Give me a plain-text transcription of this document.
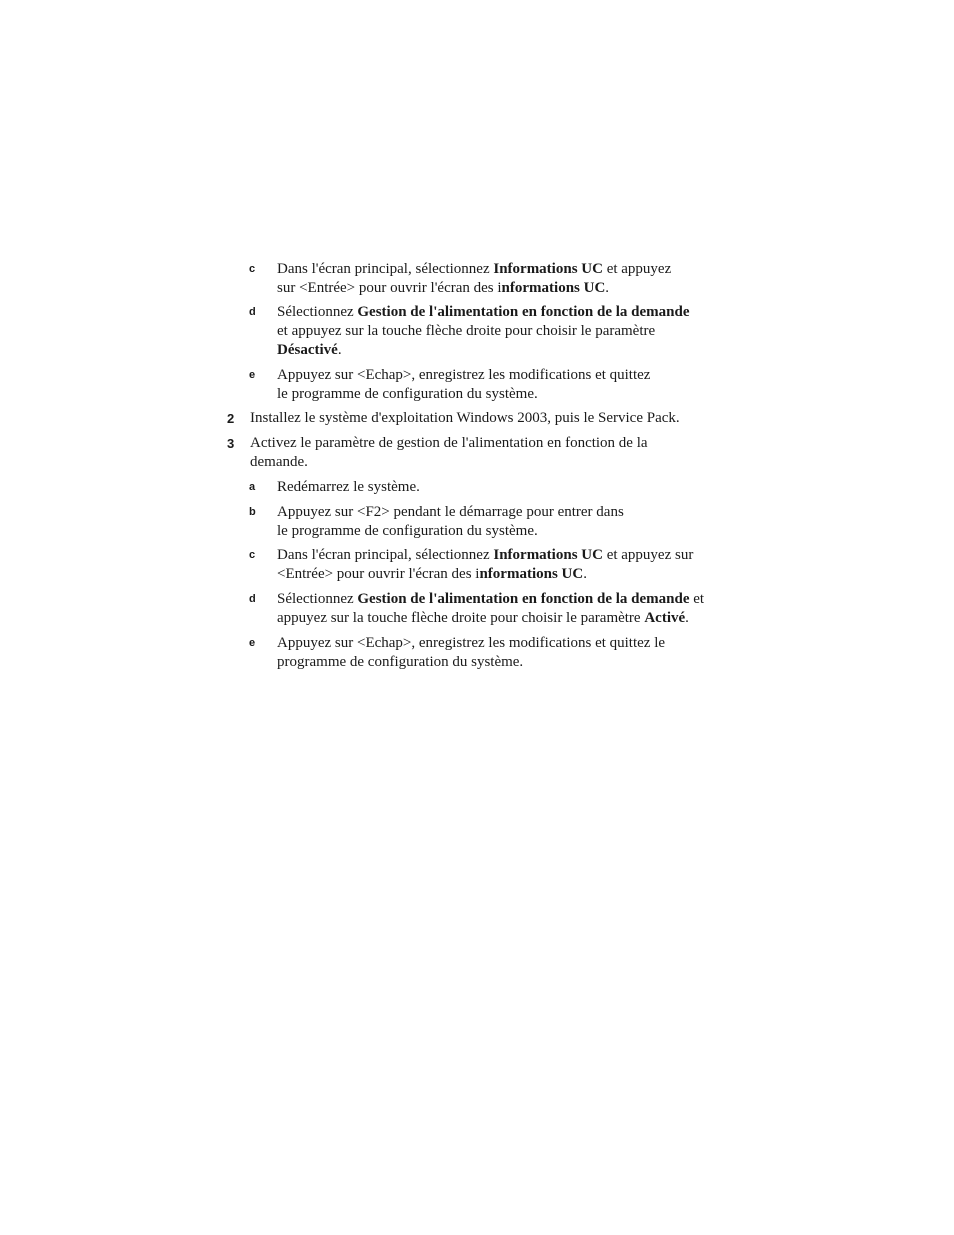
c Dans l'écran principal, sélectionnez Informations UC et appuyez
sur <Entrée> pour ouvrir l'écran des informations UC.
d Sélectionnez Gestion de l'alimentation en fonction de la demande
et appuyez sur la touche flèche droite pour choisir le paramètre
Désactivé.
e Appuyez sur <Echap>, enregistrez les modifications et quittez
le programme de configuration du système.
2 Installez le système d'exploitation Windows 2003, puis le Service Pack.
3 Activez le paramètre de gestion de l'alimentation en fonction de la
demande.
a Redémarrez le système.
b Appuyez sur <F2> pendant le démarrage pour entrer dans
le programme de configuration du système.
c Dans l'écran principal, sélectionnez Informations UC et appuyez sur
<Entrée> pour ouvrir l'écran des informations UC.
d Sélectionnez Gestion de l'alimentation en fonction de la demande et
appuyez sur la touche flèche droite pour choisir le paramètre Activé.
e Appuyez sur <Echap>, enregistrez les modifications et quittez le
programme de configuration du système.
